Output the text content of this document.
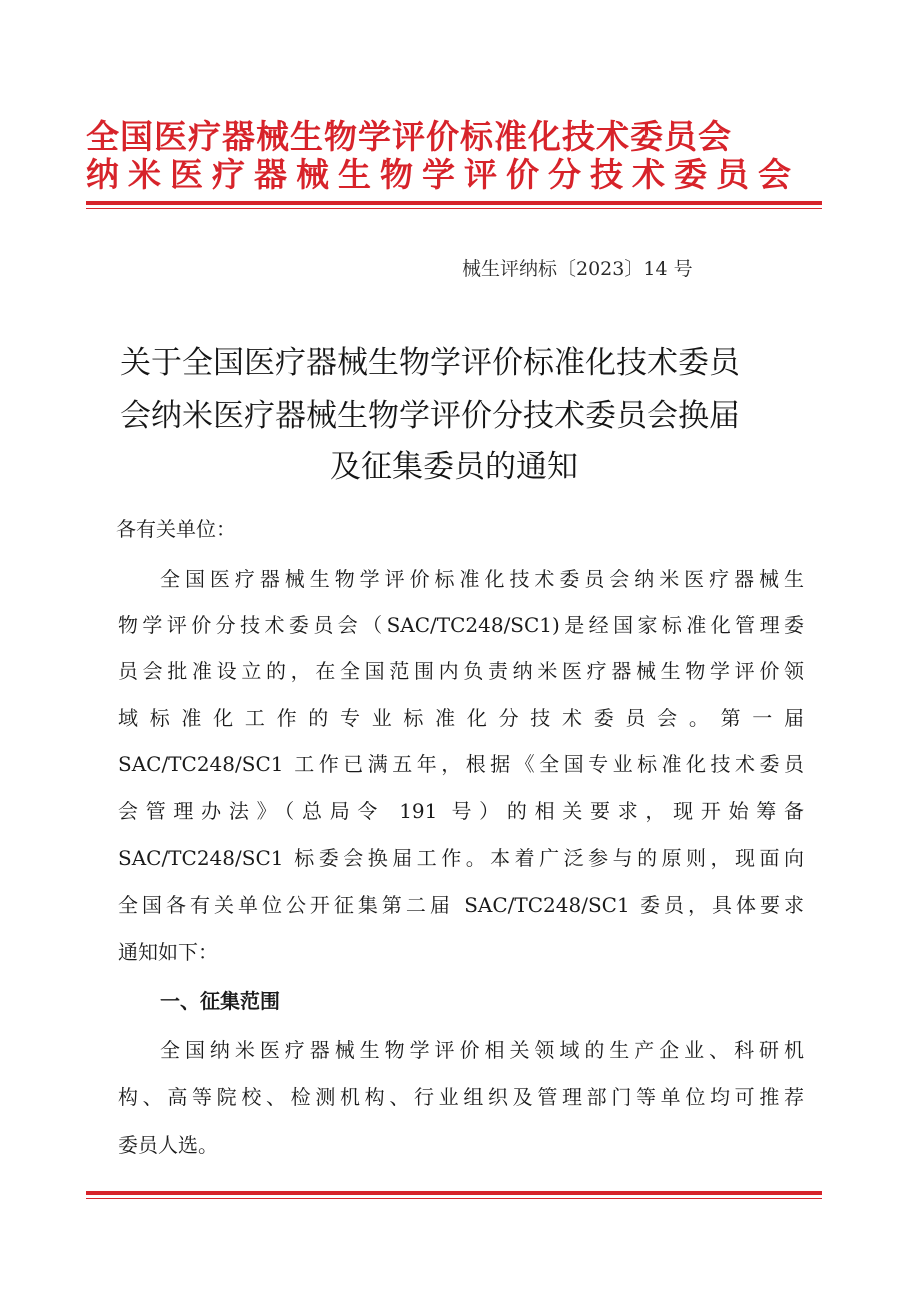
全国医疗器械生物学评价标准化技术委员会
纳米医疗器械生物学评价分技术委员会
械生评纳标〔2023〕14 号
关于全国医疗器械生物学评价标准化技术委员
会纳米医疗器械生物学评价分技术委员会换届
及征集委员的通知
各有关单位：
全国医疗器械生物学评价标准化技术委员会纳米医疗器械生
物学评价分技术委员会（SAC/TC248/SC1)是经国家标准化管理委
员会批准设立的，在全国范围内负责纳米医疗器械生物学评价领
域标准化工作的专业标准化分技术委员会。第一届
SAC/TC248/SC1 工作已满五年，根据《全国专业标准化技术委员
会管理办法》（总局令 191 号）的相关要求，现开始筹备
SAC/TC248/SC1 标委会换届工作。本着广泛参与的原则，现面向
全国各有关单位公开征集第二届 SAC/TC248/SC1 委员，具体要求
通知如下：
一、征集范围
全国纳米医疗器械生物学评价相关领域的生产企业、科研机
构、高等院校、检测机构、行业组织及管理部门等单位均可推荐
委员人选。
